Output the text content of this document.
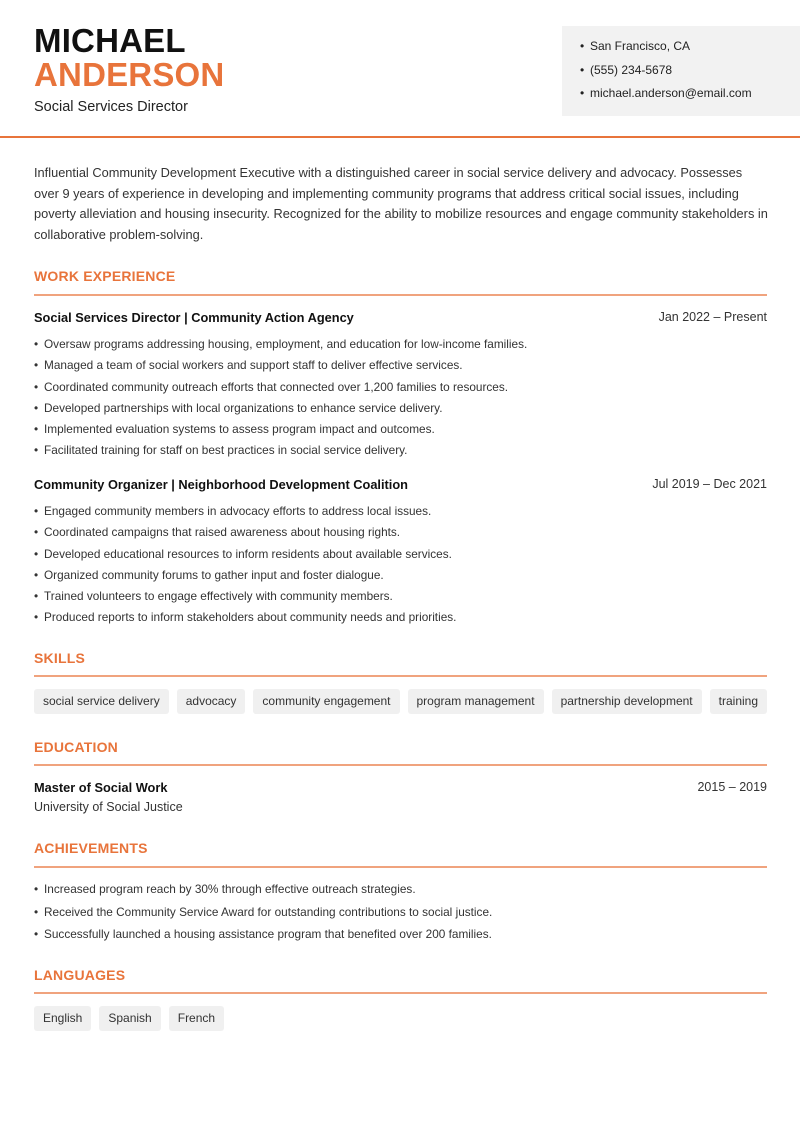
MICHAEL
ANDERSON
Social Services Director
• San Francisco, CA
• (555) 234-5678
• michael.anderson@email.com

Influential Community Development Executive with a distinguished career in social service delivery and advocacy. Possesses over 9 years of experience in developing and implementing community programs that address critical social issues, including poverty alleviation and housing insecurity. Recognized for the ability to mobilize resources and engage community stakeholders in collaborative problem-solving.

WORK EXPERIENCE
Social Services Director | Community Action Agency	Jan 2022 – Present
• Oversaw programs addressing housing, employment, and education for low-income families.
• Managed a team of social workers and support staff to deliver effective services.
• Coordinated community outreach efforts that connected over 1,200 families to resources.
• Developed partnerships with local organizations to enhance service delivery.
• Implemented evaluation systems to assess program impact and outcomes.
• Facilitated training for staff on best practices in social service delivery.
Community Organizer | Neighborhood Development Coalition	Jul 2019 – Dec 2021
• Engaged community members in advocacy efforts to address local issues.
• Coordinated campaigns that raised awareness about housing rights.
• Developed educational resources to inform residents about available services.
• Organized community forums to gather input and foster dialogue.
• Trained volunteers to engage effectively with community members.
• Produced reports to inform stakeholders about community needs and priorities.
SKILLS
social service delivery	advocacy	community engagement	program management	partnership development	training
EDUCATION
Master of Social Work	2015 – 2019
University of Social Justice
ACHIEVEMENTS
• Increased program reach by 30% through effective outreach strategies.
• Received the Community Service Award for outstanding contributions to social justice.
• Successfully launched a housing assistance program that benefited over 200 families.
LANGUAGES
English	Spanish	French
